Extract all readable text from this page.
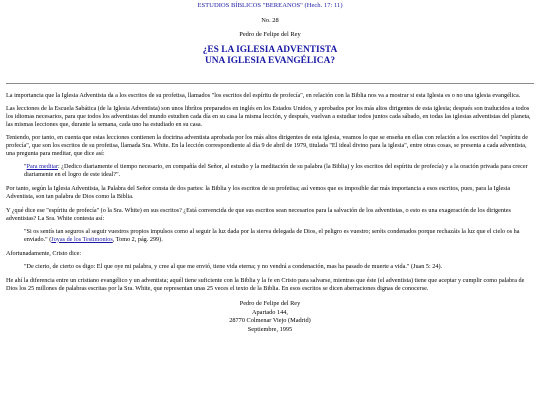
ESTUDIOS BÍBLICOS "BEREANOS" (Hech. 17: 11)
No. 28
Pedro de Felipe del Rey
¿ES LA IGLESIA ADVENTISTA
UNA IGLESIA EVANGÉLICA?

La importancia que la Iglesia Adventista da a los escritos de su profetisa, llamados "los escritos del espíritu de profecía", en relación con la Biblia nos va a mostrar si esta Iglesia es o no una iglesia evangélica.

Las lecciones de la Escuela Sabática (de la Iglesia Adventista) son unos librítos preparados en inglés en los Estados Unidos, y aprobados por los más altos dirigentes de esta iglesia; después son traducidos a todos los idiomas necesarios, para que todos los adventistas del mundo estudien cada día en su casa la misma lección, y después, vuelvan a estudiar todos juntos cada sábado, en todas las iglesias adventistas del planeta, las mismas lecciones que, durante la semana, cada uno ha estudiado en su casa.

Teniendo, por tanto, en cuenta que estas lecciones contienen la doctrina adventista aprobada por los más altos dirigentes de esta iglesia, veamos lo que se enseña en ellas con relación a los escritos del "espíritu de profecía", que son los escritos de su profetisa, llamada Sra. White. En la lección correspondiente al día 9 de abril de 1979, titulada "El ideal divino para la iglesia", entre otras cosas, se presenta a cada adventista, una pregunta para meditar, que dice así:

"Para meditar: ¿Dedico diariamente el tiempo necesario, en compañía del Señor, al estudio y la meditación de su palabra (la Biblia) y los escritos del espíritu de profecía) y a la oración privada para crecer diariamente en el logro de este ideal?".

Por tanto, según la Iglesia Adventista, la Palabra del Señor consta de dos partes: la Biblia y los escritos de su profetisa; así vemos que es imposible dar más importancia a esos escritos, pues, para la Iglesia Adventista, son tan palabra de Dios como la Biblia.

Y ¿qué dice ese "espíritu de profecía" (o la Sra. White) en sus escritos? ¿Está convencida de que sus escritos sean necesarios para la salvación de los adventistas, o esto es una exageración de los dirigentes adventistas? La Sra. White contesta así:

"Si os sentís tan seguros al seguir vuestros propios impulsos como al seguir la luz dada por la sierva delegada de Dios, el peligro es vuestro; seréis condenados porque rechazáis la luz que el cielo os ha enviado." (Joyas de los Testimonios, Tomo 2, pág. 299).

Afortunadamente, Cristo dice:

"De cierto, de cierto os digo: El que oye mi palabra, y cree al que me envió, tiene vida eterna; y no vendrá a condenación, mas ha pasado de muerte a vida." (Juan 5: 24).

He ahí la diferencia entre un cristiano evangélico y un adventista; aquél tiene suficiente con la Biblia y la fe en Cristo para salvarse, mientras que éste (el adventista) tiene que aceptar y cumplir como palabra de Dios los 25 millones de palabras escritas por la Sra. White, que representan unas 25 veces el texto de la Biblia. En esos escritos se dicen aberraciones dignas de conocerse.

Pedro de Felipe del Rey
Apartado 144,
28770 Colmenar Viejo (Madrid)
Septiembre, 1995
